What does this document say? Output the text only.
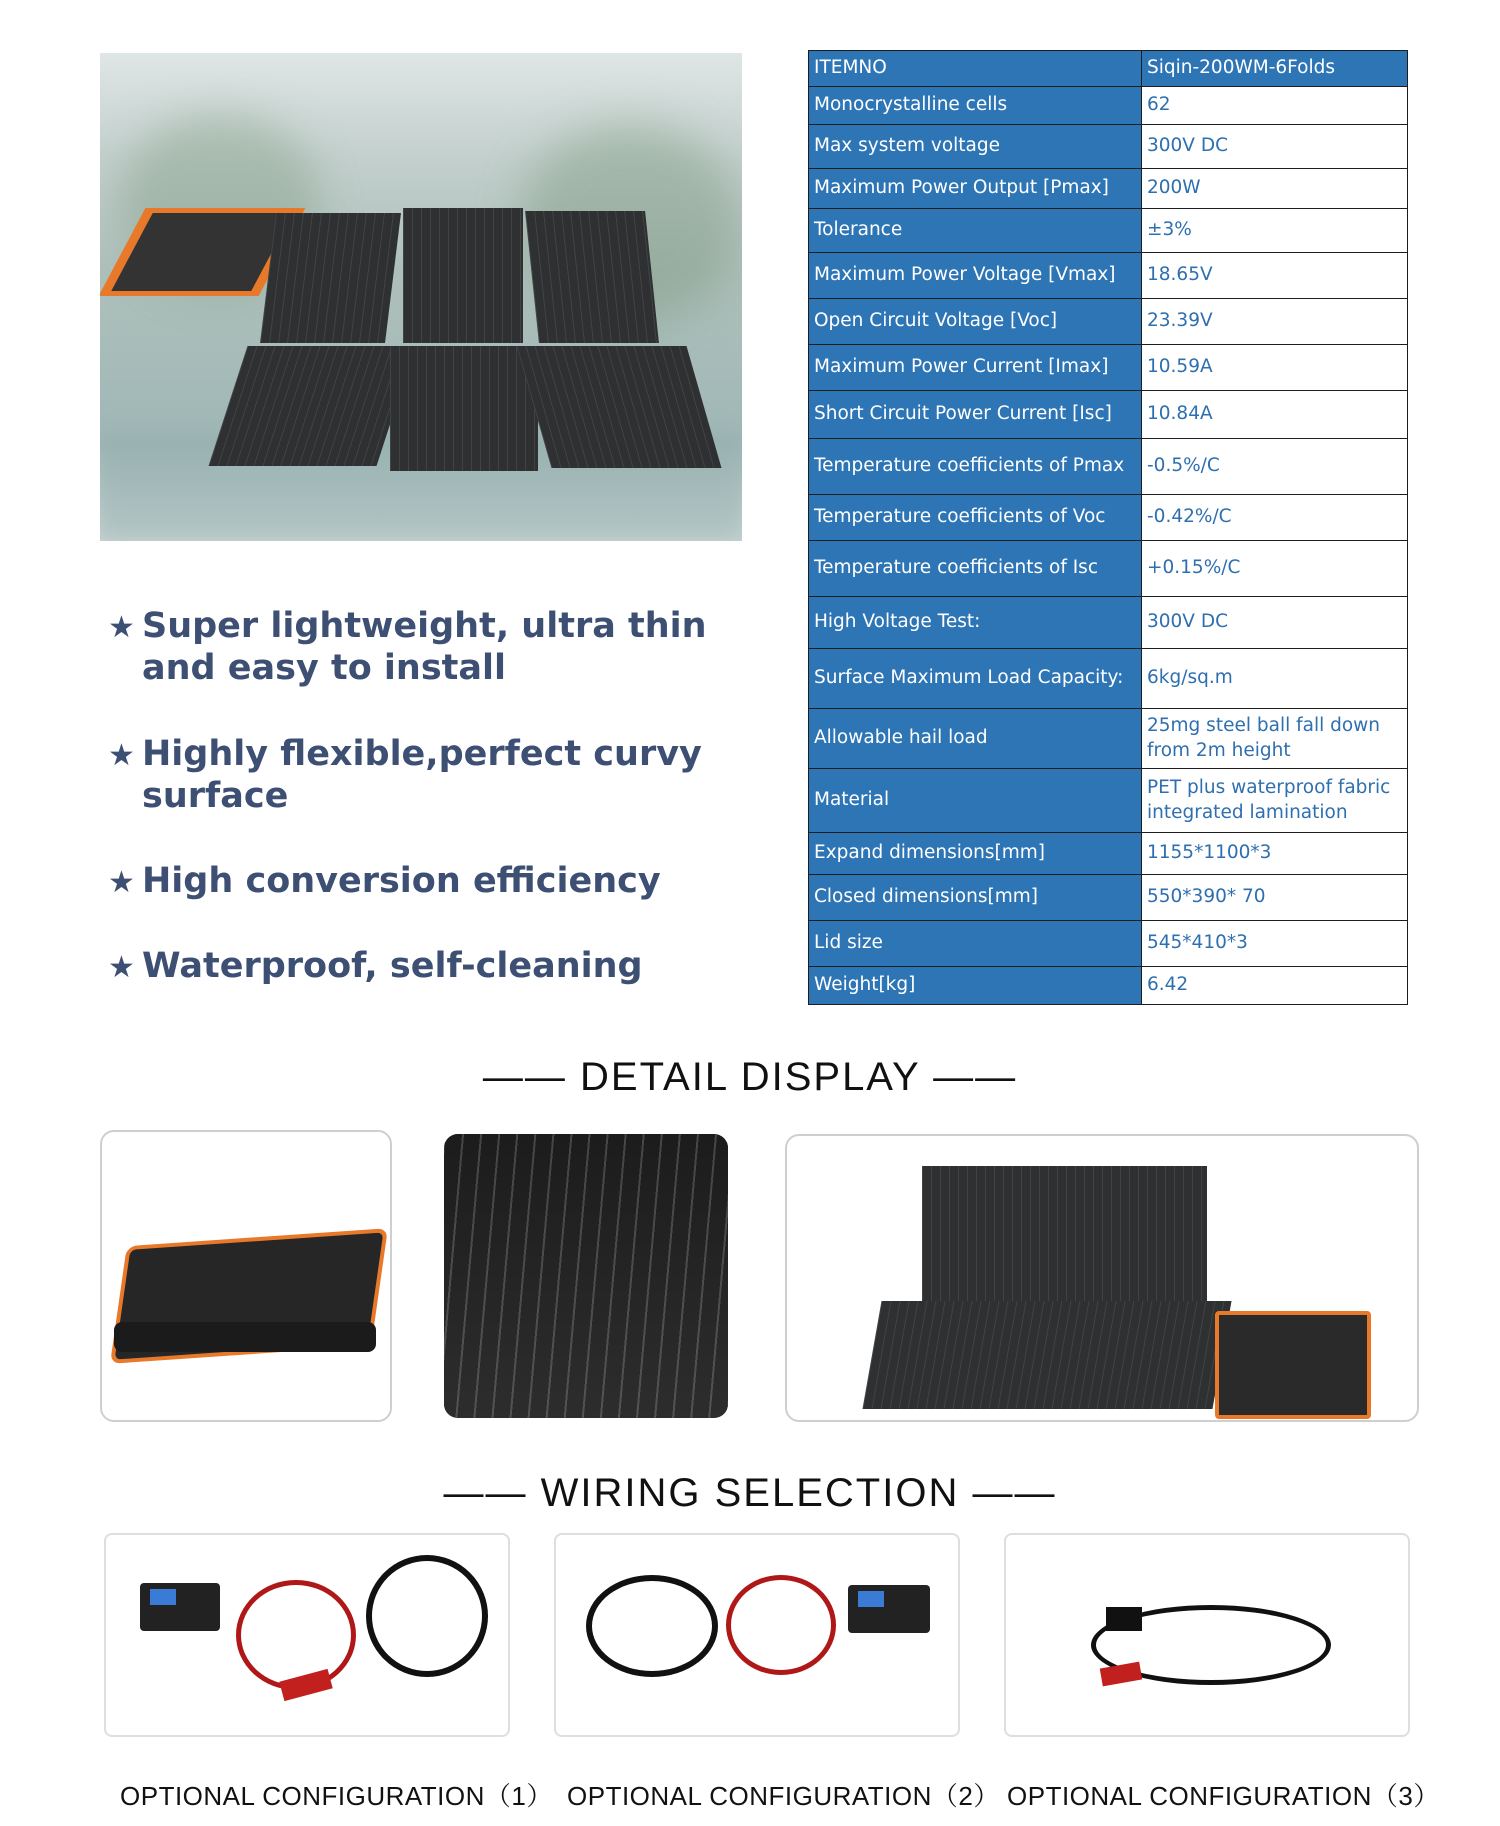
ITEMNO	Siqin-200WM-6Folds
Monocrystalline cells	62
Max system voltage	300V DC
Maximum Power Output [Pmax]	200W
Tolerance	±3%
Maximum Power Voltage [Vmax]	18.65V
Open Circuit Voltage [Voc]	23.39V
Maximum Power Current [Imax]	10.59A
Short Circuit Power Current [Isc]	10.84A
Temperature coefficients of Pmax	-0.5%/C
Temperature coefficients of Voc	-0.42%/C
Temperature coefficients of Isc	+0.15%/C
High Voltage Test:	300V DC
Surface Maximum Load Capacity:	6kg/sq.m
Allowable hail load	25mg steel ball fall down from 2m height
Material	PET plus waterproof fabric integrated lamination
Expand dimensions[mm]	1155*1100*3
Closed dimensions[mm]	550*390* 70
Lid size	545*410*3
Weight[kg]	6.42
★ Super lightweight, ultra thin and easy to install
★ Highly flexible,perfect curvy surface
★ High conversion efficiency
★ Waterproof, self-cleaning
—— DETAIL DISPLAY ——
—— WIRING SELECTION ——
OPTIONAL CONFIGURATION（1） OPTIONAL CONFIGURATION（2） OPTIONAL CONFIGURATION（3）
